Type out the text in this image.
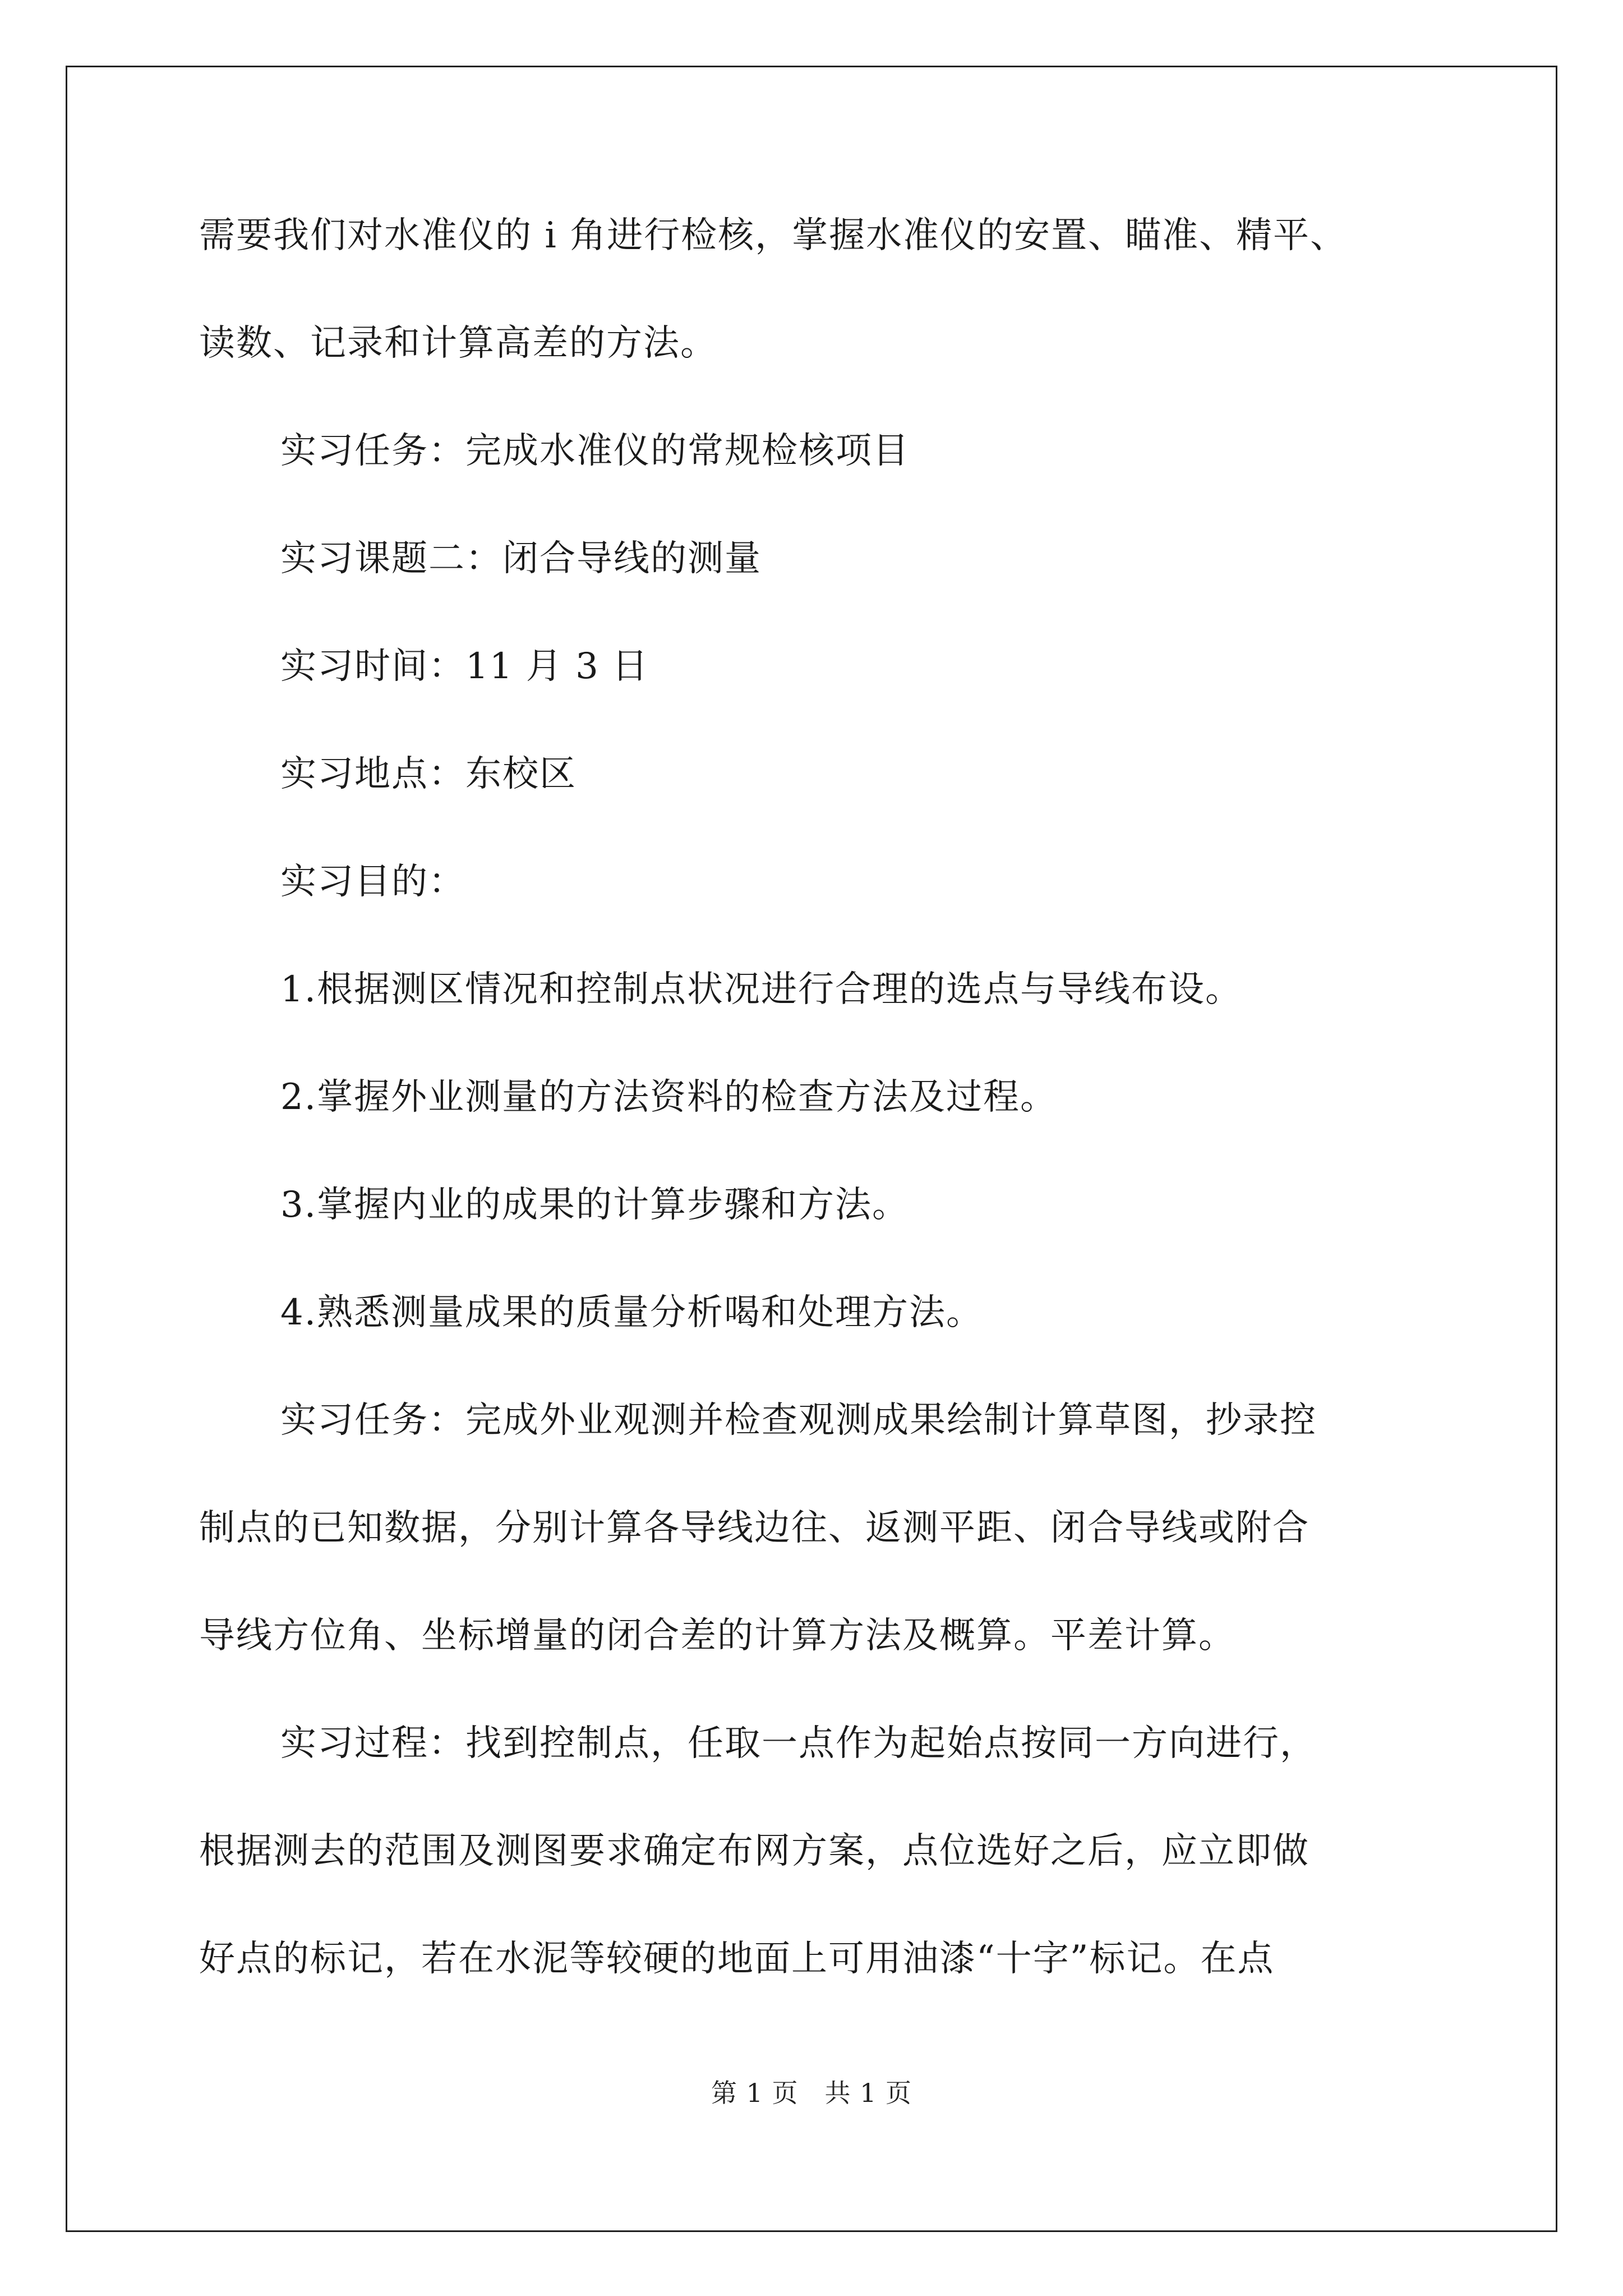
需要我们对水准仪的 i 角进行检核，掌握水准仪的安置、瞄准、精平、
读数、记录和计算高差的方法。
实习任务：完成水准仪的常规检核项目
实习课题二：闭合导线的测量
实习时间：11 月 3 日
实习地点：东校区
实习目的：
1.根据测区情况和控制点状况进行合理的选点与导线布设。
2.掌握外业测量的方法资料的检查方法及过程。
3.掌握内业的成果的计算步骤和方法。
4.熟悉测量成果的质量分析喝和处理方法。
实习任务：完成外业观测并检查观测成果绘制计算草图，抄录控
制点的已知数据，分别计算各导线边往、返测平距、闭合导线或附合
导线方位角、坐标增量的闭合差的计算方法及概算。平差计算。
实习过程：找到控制点，任取一点作为起始点按同一方向进行，
根据测去的范围及测图要求确定布网方案，点位选好之后，应立即做
好点的标记，若在水泥等较硬的地面上可用油漆“十字”标记。在点
第 1 页　共 1 页
